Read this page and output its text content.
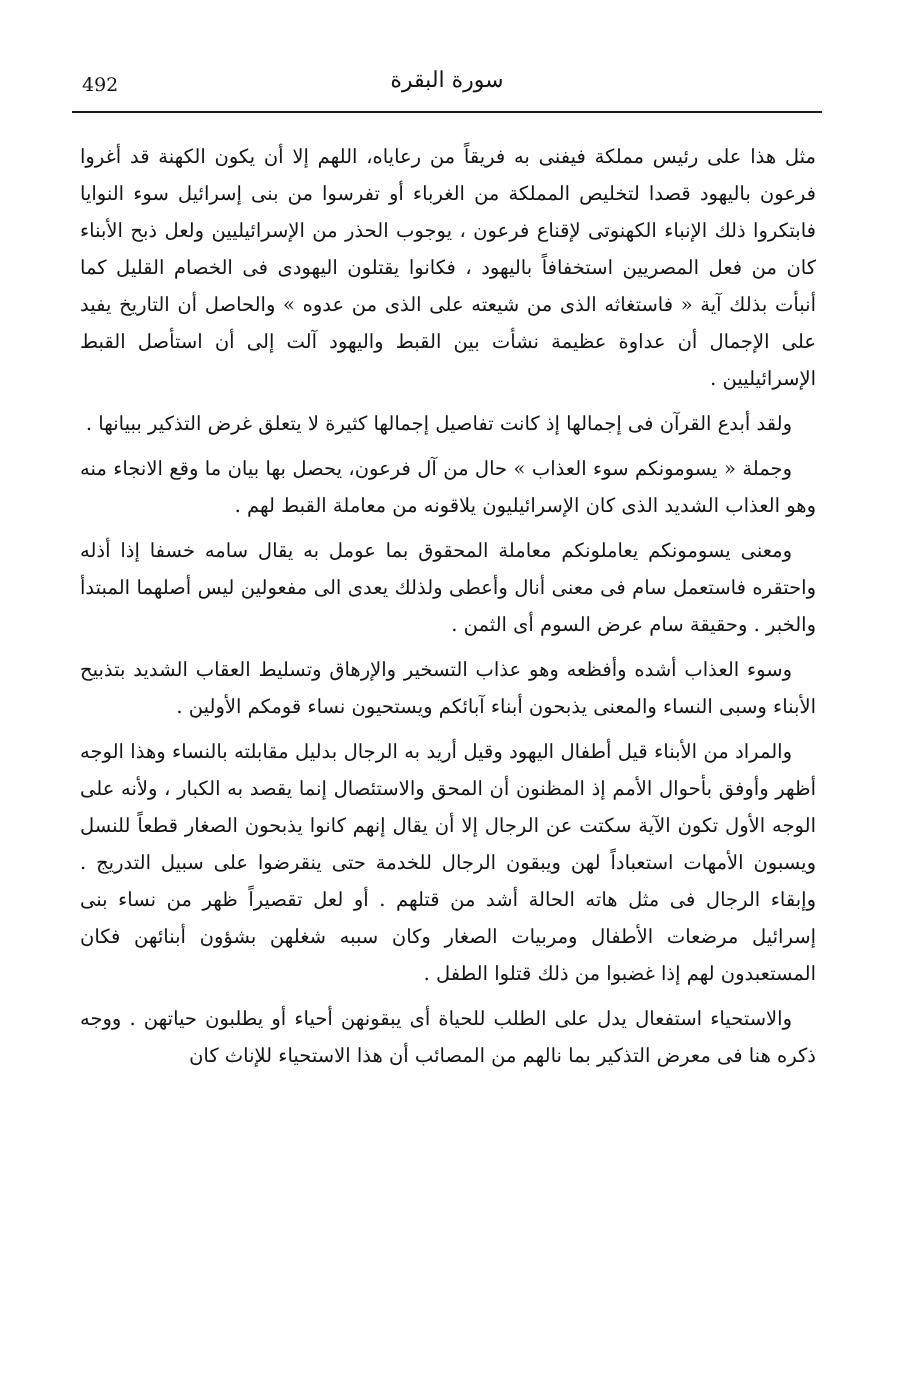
492	سورة البقرة

مثل هذا على رئيس مملكة فيفنى به فريقاً من رعاياه، اللهم إلا أن يكون الكهنة قد أغروا فرعون باليهود قصدا لتخليص المملكة من الغرباء أو تفرسوا من بنى إسرائيل سوء النوايا فابتكروا ذلك الإنباء الكهنوتى لإقناع فرعون ، يوجوب الحذر من الإسرائيليين ولعل ذبح الأبناء كان من فعل المصريين استخفافاً باليهود ، فكانوا يقتلون اليهودى فى الخصام القليل كما أنبأت بذلك آية « فاستغاثه الذى من شيعته على الذى من عدوه » والحاصل أن التاريخ يفيد على الإجمال أن عداوة عظيمة نشأت بين القبط واليهود آلت إلى أن استأصل القبط الإسرائيليين .

ولقد أبدع القرآن فى إجمالها إذ كانت تفاصيل إجمالها كثيرة لا يتعلق غرض التذكير ببيانها .

وجملة « يسومونكم سوء العذاب » حال من آل فرعون، يحصل بها بيان ما وقع الانجاء منه وهو العذاب الشديد الذى كان الإسرائيليون يلاقونه من معاملة القبط لهم .

ومعنى يسومونكم يعاملونكم معاملة المحقوق بما عومل به يقال سامه خسفا إذا أذله واحتقره فاستعمل سام فى معنى أنال وأعطى ولذلك يعدى الى مفعولين ليس أصلهما المبتدأ والخبر . وحقيقة سام عرض السوم أى الثمن .

وسوء العذاب أشده وأفظعه وهو عذاب التسخير والإرهاق وتسليط العقاب الشديد بتذبيح الأبناء وسبى النساء والمعنى يذبحون أبناء آبائكم ويستحيون نساء قومكم الأولين .

والمراد من الأبناء قيل أطفال اليهود وقيل أريد به الرجال بدليل مقابلته بالنساء وهذا الوجه أظهر وأوفق بأحوال الأمم إذ المظنون أن المحق والاستئصال إنما يقصد به الكبار ، ولأنه على الوجه الأول تكون الآية سكتت عن الرجال إلا أن يقال إنهم كانوا يذبحون الصغار قطعاً للنسل ويسبون الأمهات استعباداً لهن ويبقون الرجال للخدمة حتى ينقرضوا على سبيل التدريج . وإبقاء الرجال فى مثل هاته الحالة أشد من قتلهم . أو لعل تقصيراً ظهر من نساء بنى إسرائيل مرضعات الأطفال ومربيات الصغار وكان سببه شغلهن بشؤون أبنائهن فكان المستعبدون لهم إذا غضبوا من ذلك قتلوا الطفل .

والاستحياء استفعال يدل على الطلب للحياة أى يبقونهن أحياء أو يطلبون حياتهن . ووجه ذكره هنا فى معرض التذكير بما نالهم من المصائب أن هذا الاستحياء للإناث كان
